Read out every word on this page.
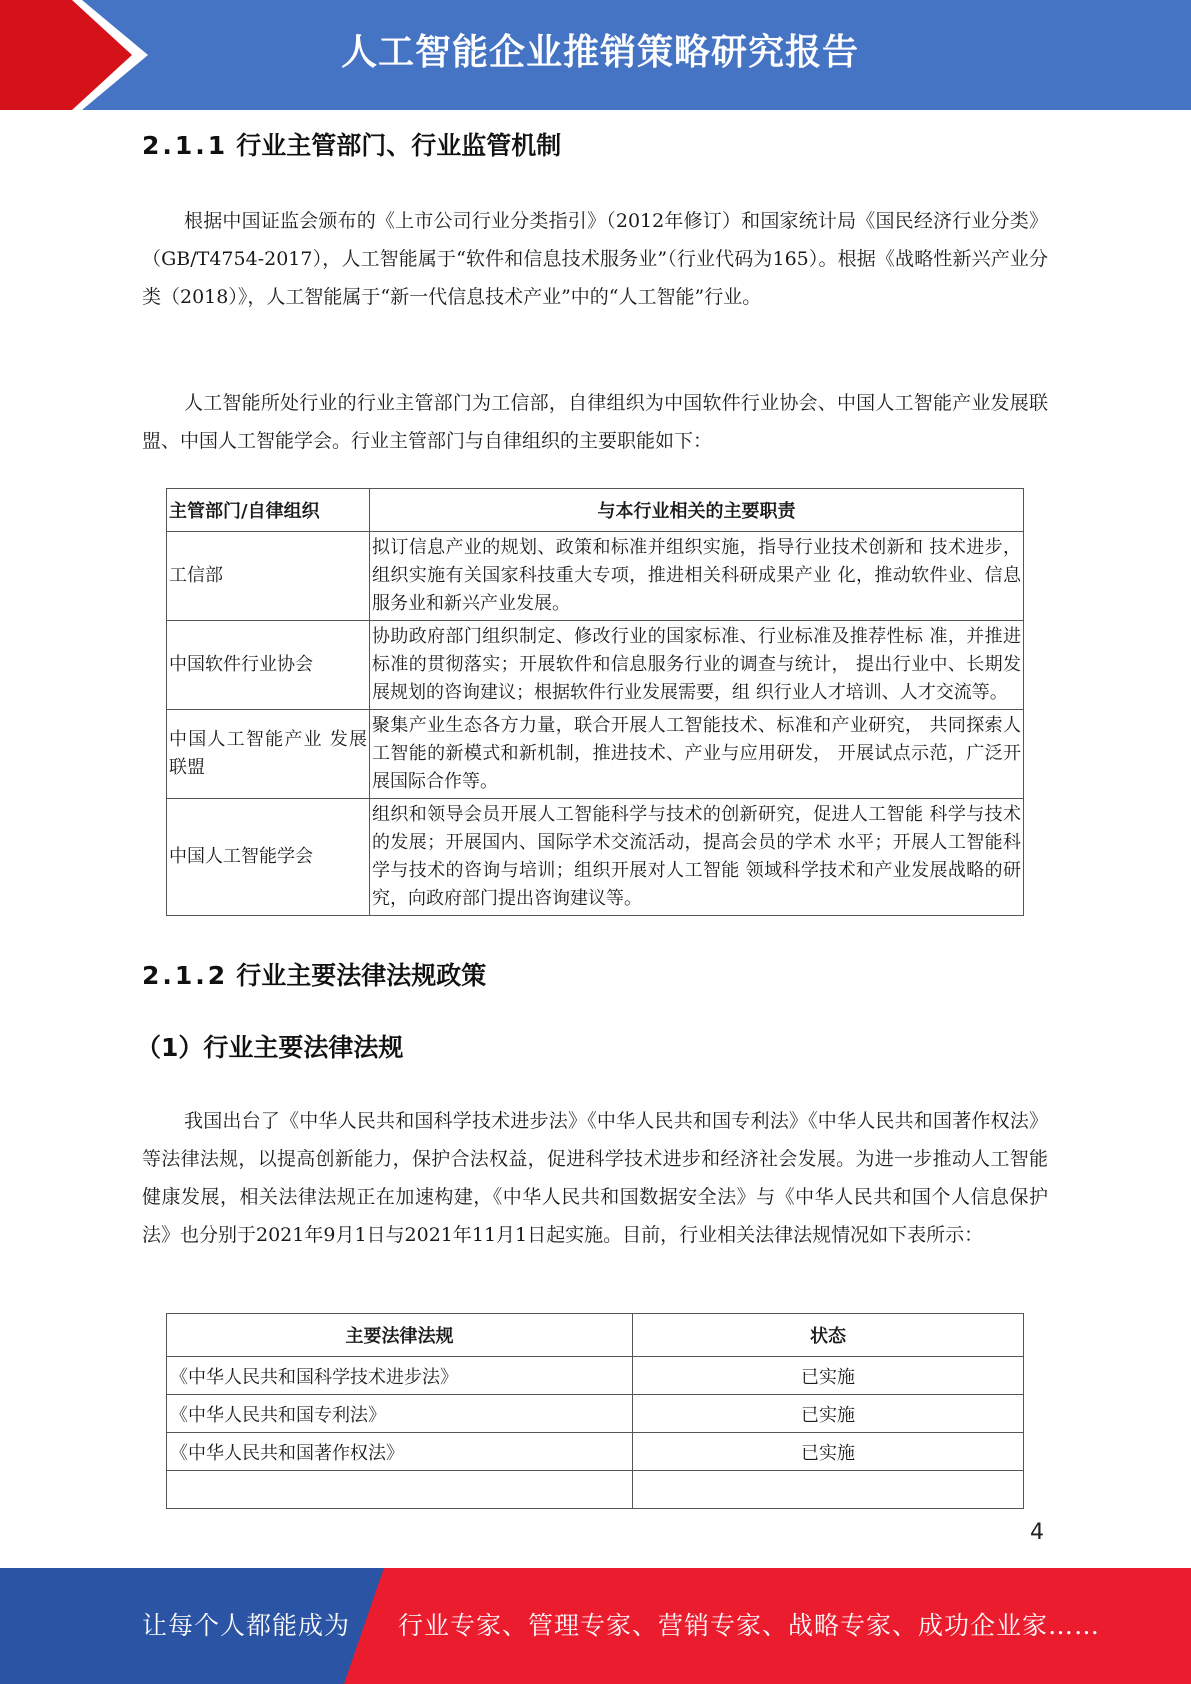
人工智能企业推销策略研究报告
2.1.1 行业主管部门、行业监管机制

根据中国证监会颁布的《上市公司行业分类指引》（2012年修订）和国家统计局《国民经济行业分类》（GB/T4754-2017），人工智能属于“软件和信息技术服务业”（行业代码为165）。根据《战略性新兴产业分类（2018）》，人工智能属于“新一代信息技术产业”中的“人工智能”行业。

人工智能所处行业的行业主管部门为工信部，自律组织为中国软件行业协会、中国人工智能产业发展联盟、中国人工智能学会。行业主管部门与自律组织的主要职能如下：

主管部门/自律组织	与本行业相关的主要职责
工信部	拟订信息产业的规划、政策和标准并组织实施，指导行业技术创新和 技术进步，组织实施有关国家科技重大专项，推进相关科研成果产业 化，推动软件业、信息服务业和新兴产业发展。
中国软件行业协会	协助政府部门组织制定、修改行业的国家标准、行业标准及推荐性标 准，并推进标准的贯彻落实；开展软件和信息服务行业的调查与统计， 提出行业中、长期发展规划的咨询建议；根据软件行业发展需要，组 织行业人才培训、人才交流等。
中国人工智能产业 发展联盟	聚集产业生态各方力量，联合开展人工智能技术、标准和产业研究， 共同探索人工智能的新模式和新机制，推进技术、产业与应用研发， 开展试点示范，广泛开展国际合作等。
中国人工智能学会	组织和领导会员开展人工智能科学与技术的创新研究，促进人工智能 科学与技术的发展；开展国内、国际学术交流活动，提高会员的学术 水平；开展人工智能科学与技术的咨询与培训；组织开展对人工智能 领域科学技术和产业发展战略的研究，向政府部门提出咨询建议等。
2.1.2 行业主要法律法规政策
（1）行业主要法律法规

我国出台了《中华人民共和国科学技术进步法》《中华人民共和国专利法》《中华人民共和国著作权法》等法律法规，以提高创新能力，保护合法权益，促进科学技术进步和经济社会发展。为进一步推动人工智能健康发展，相关法律法规正在加速构建，《中华人民共和国数据安全法》与《中华人民共和国个人信息保护法》也分别于2021年9月1日与2021年11月1日起实施。目前，行业相关法律法规情况如下表所示：

主要法律法规	状态
《中华人民共和国科学技术进步法》	已实施
《中华人民共和国专利法》	已实施
《中华人民共和国著作权法》	已实施

4
让每个人都能成为 行业专家、管理专家、营销专家、战略专家、成功企业家……
